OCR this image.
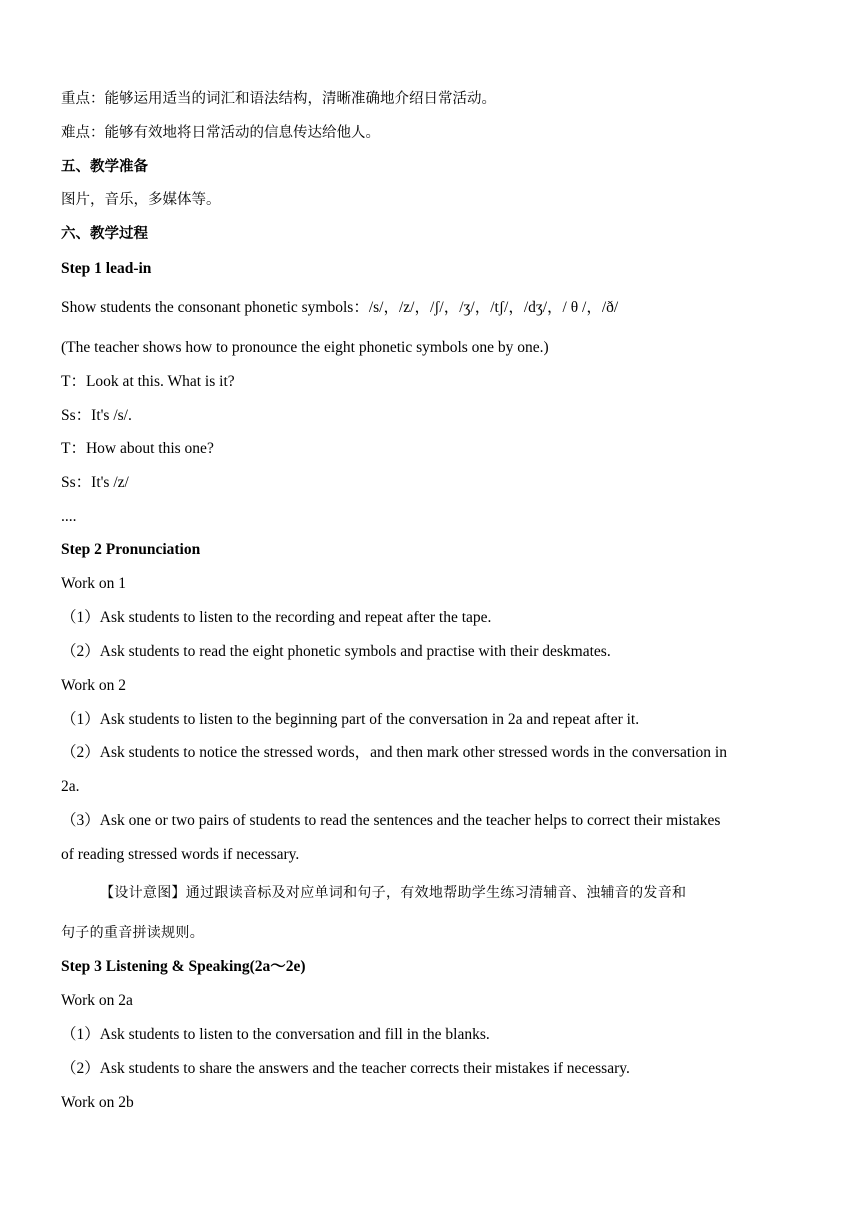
重点：能够运用适当的词汇和语法结构，清晰准确地介绍日常活动。
难点：能够有效地将日常活动的信息传达给他人。
五、教学准备
图片，音乐，多媒体等。
六、教学过程
Step 1 lead-in
Show students the consonant phonetic symbols：/s/，/z/，/ʃ/，/ʒ/，/tʃ/，/dʒ/，/ θ /，/ð/
(The teacher shows how to pronounce the eight phonetic symbols one by one.)
T：Look at this. What is it?
Ss：It's /s/.
T：How about this one?
Ss：It's /z/
....
Step 2 Pronunciation
Work on 1
（1）Ask students to listen to the recording and repeat after the tape.
（2）Ask students to read the eight phonetic symbols and practise with their deskmates.
Work on 2
（1）Ask students to listen to the beginning part of the conversation in 2a and repeat after it.
（2）Ask students to notice the stressed words，and then mark other stressed words in the conversation in
2a.
（3）Ask one or two pairs of students to read the sentences and the teacher helps to correct their mistakes
of reading stressed words if necessary.
【设计意图】通过跟读音标及对应单词和句子，有效地帮助学生练习清辅音、浊辅音的发音和
句子的重音拼读规则。
Step 3 Listening & Speaking(2a～2e)
Work on 2a
（1）Ask students to listen to the conversation and fill in the blanks.
（2）Ask students to share the answers and the teacher corrects their mistakes if necessary.
Work on 2b
